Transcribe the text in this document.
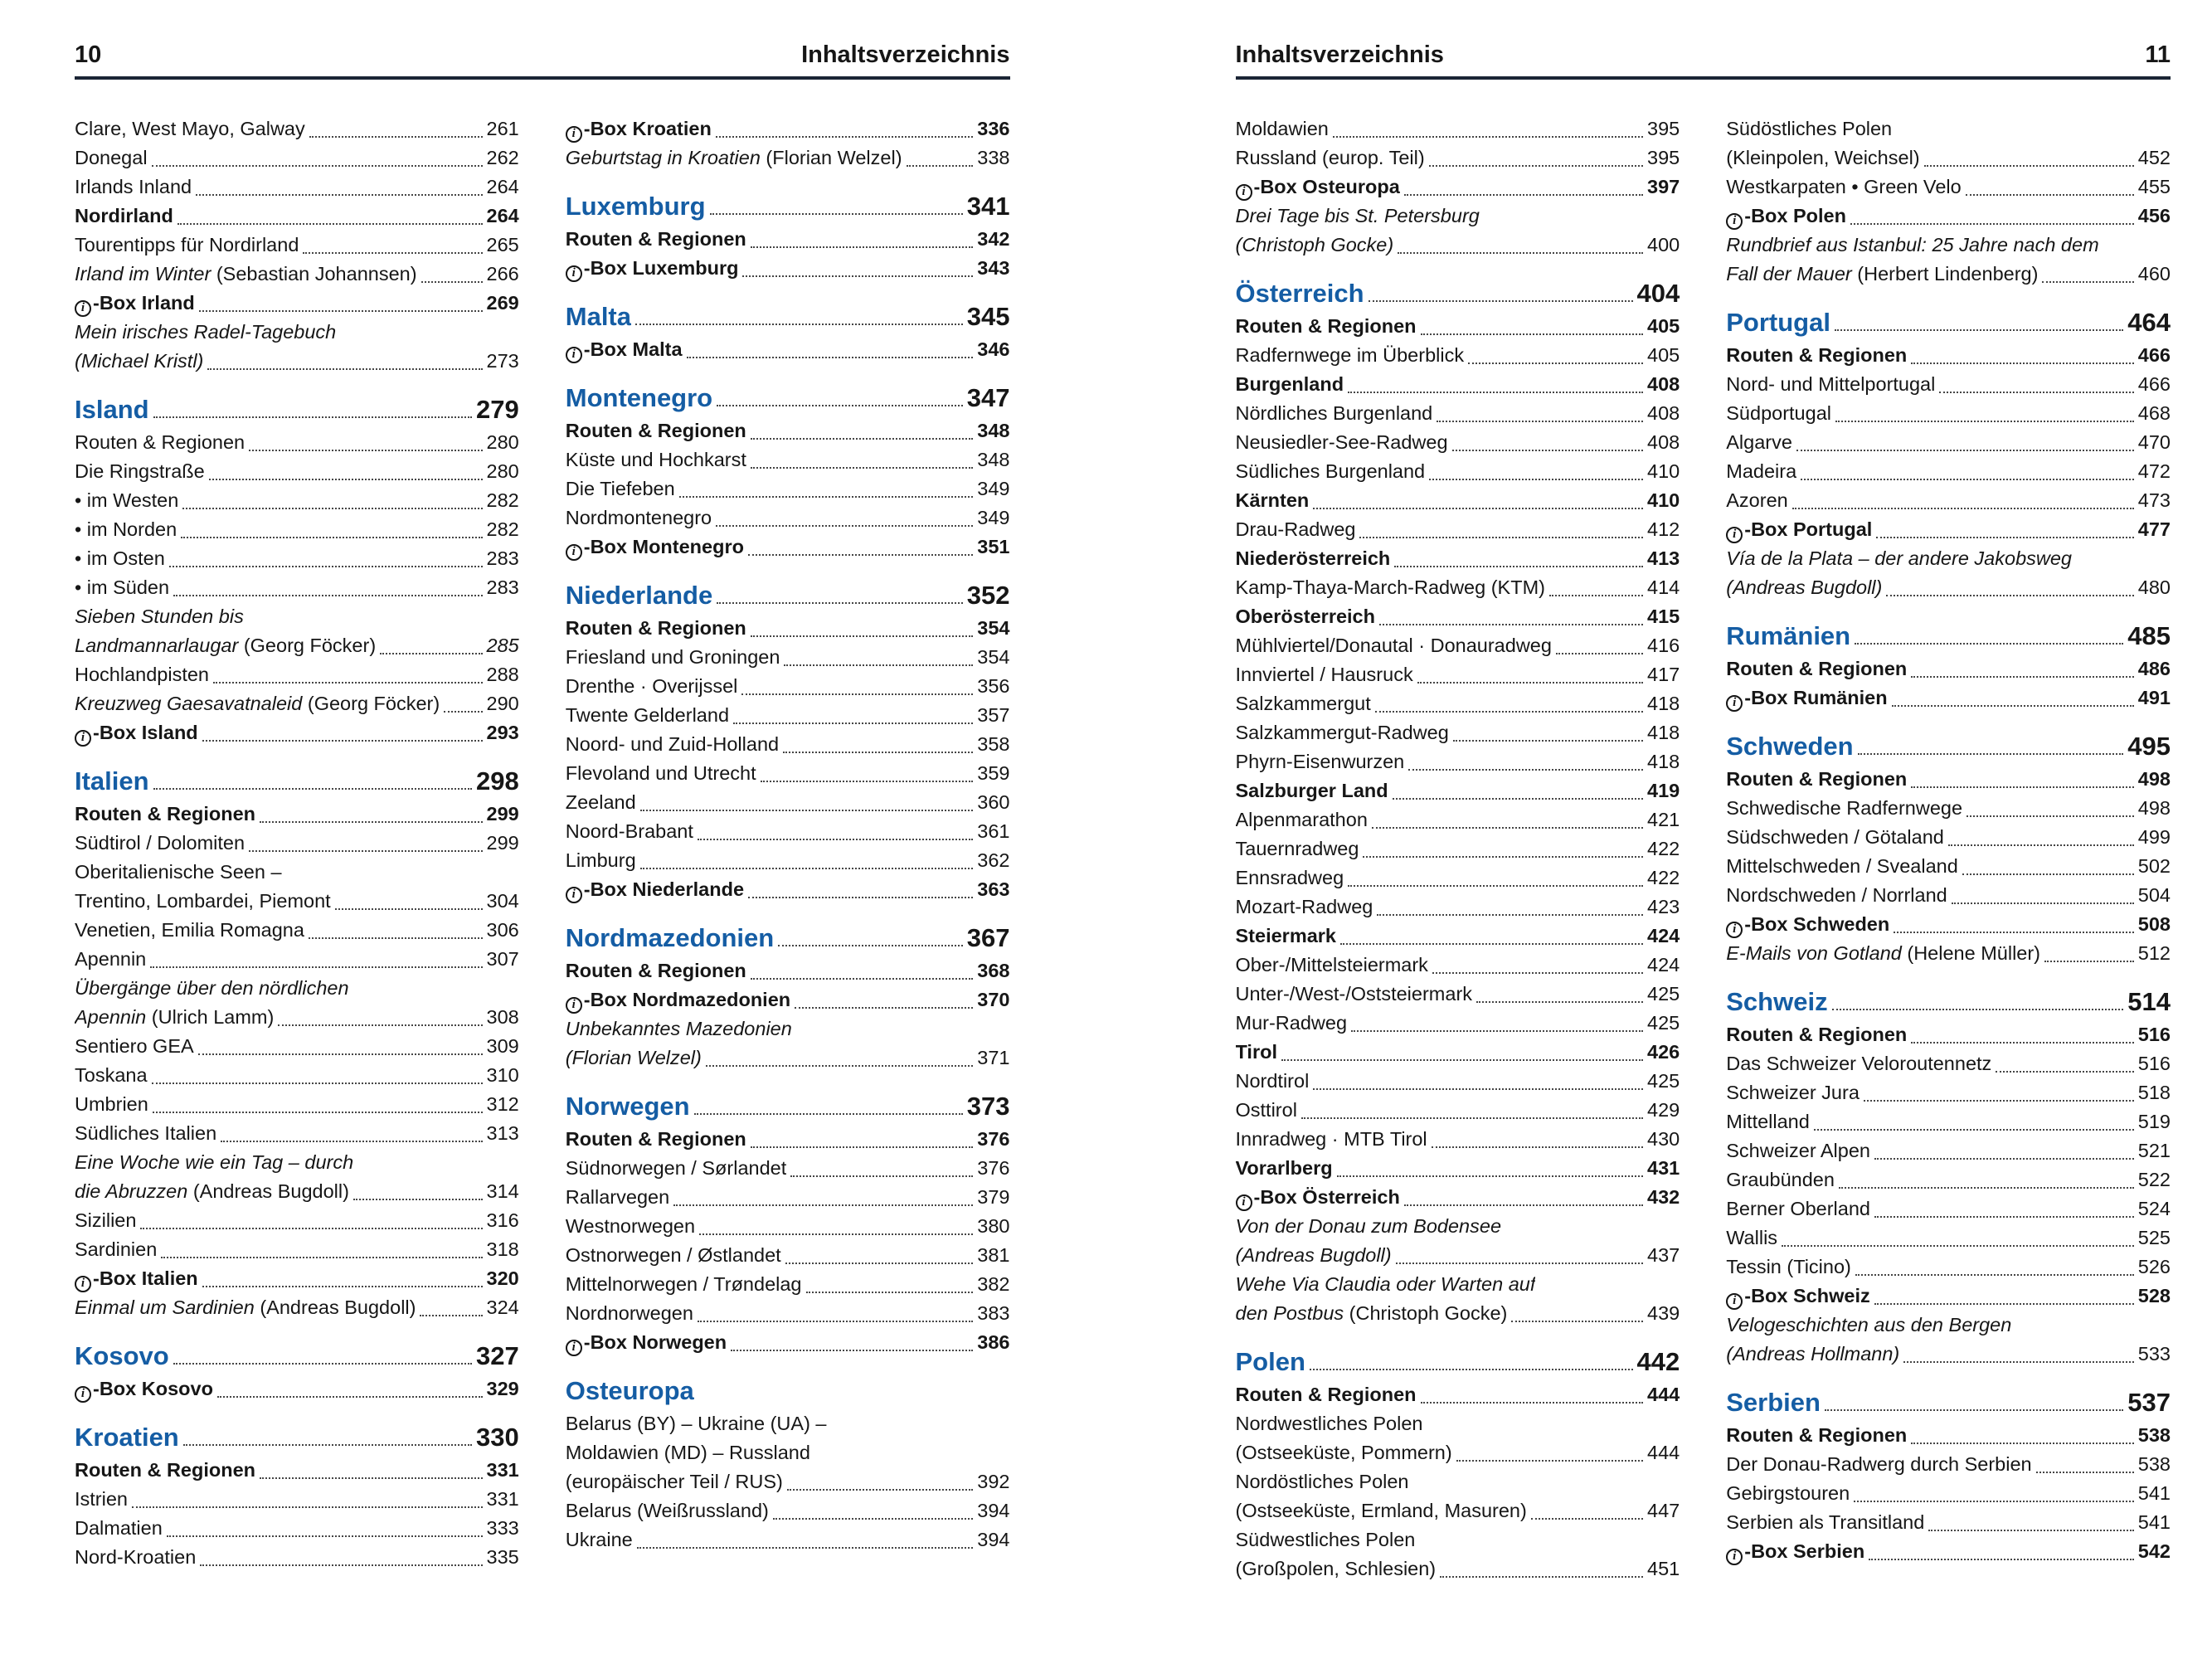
10	Inhaltsverzeichnis
Clare, West Mayo, Galway	261
Donegal	262
Irlands Inland	264
Nordirland	264
Tourentipps für Nordirland	265
Irland im Winter (Sebastian Johannsen)	266
i -Box Irland	269
Mein irisches Radel-Tagebuch
(Michael Kristl)	273
Island	279
Routen & Regionen	280
Die Ringstraße	280
• im Westen	282
• im Norden	282
• im Osten	283
• im Süden	283
Sieben Stunden bis
Landmannarlaugar (Georg Föcker)	285
Hochlandpisten	288
Kreuzweg Gaesavatnaleid (Georg Föcker) 290
i -Box Island	293
Italien	298
Routen & Regionen	299
Südtirol / Dolomiten	299
Oberitalienische Seen –
Trentino, Lombardei, Piemont	304
Venetien, Emilia Romagna	306
Apennin	307
Übergänge über den nördlichen
Apennin (Ulrich Lamm)	308
Sentiero GEA	309
Toskana	310
Umbrien	312
Südliches Italien	313
Eine Woche wie ein Tag – durch
die Abruzzen (Andreas Bugdoll)	314
Sizilien	316
Sardinien	318
i -Box Italien	320
Einmal um Sardinien (Andreas Bugdoll)	324
Kosovo	327
i -Box Kosovo	329
Kroatien	330
Routen & Regionen	331
Istrien	331
Dalmatien	333
Nord-Kroatien	335
i -Box Kroatien	336
Geburtstag in Kroatien (Florian Welzel)	338
Luxemburg	341
Routen & Regionen	342
i -Box Luxemburg	343
Malta	345
i -Box Malta	346
Montenegro	347
Routen & Regionen	348
Küste und Hochkarst	348
Die Tiefeben	349
Nordmontenegro	349
i -Box Montenegro	351
Niederlande	352
Routen & Regionen	354
Friesland und Groningen	354
Drenthe · Overijssel	356
Twente Gelderland	357
Noord- und Zuid-Holland	358
Flevoland und Utrecht	359
Zeeland	360
Noord-Brabant	361
Limburg	362
i -Box Niederlande	363
Nordmazedonien	367
Routen & Regionen	368
i -Box Nordmazedonien	370
Unbekanntes Mazedonien
(Florian Welzel)	371
Norwegen	373
Routen & Regionen	376
Südnorwegen / Sørlandet	376
Rallarvegen	379
Westnorwegen	380
Ostnorwegen / Østlandet	381
Mittelnorwegen / Trøndelag	382
Nordnorwegen	383
i -Box Norwegen	386
Osteuropa
Belarus (BY) – Ukraine (UA) –
Moldawien (MD) – Russland
(europäischer Teil / RUS)	392
Belarus (Weißrussland)	394
Ukraine	394
Inhaltsverzeichnis	11
Moldawien	395
Russland (europ. Teil)	395
i -Box Osteuropa	397
Drei Tage bis St. Petersburg
(Christoph Gocke)	400
Österreich	404
Routen & Regionen	405
Radfernwege im Überblick	405
Burgenland	408
Nördliches Burgenland	408
Neusiedler-See-Radweg	408
Südliches Burgenland	410
Kärnten	410
Drau-Radweg	412
Niederösterreich	413
Kamp-Thaya-March-Radweg (KTM)	414
Oberösterreich	415
Mühlviertel/Donautal · Donauradweg	416
Innviertel / Hausruck	417
Salzkammergut	418
Salzkammergut-Radweg	418
Phyrn-Eisenwurzen	418
Salzburger Land	419
Alpenmarathon	421
Tauernradweg	422
Ennsradweg	422
Mozart-Radweg	423
Steiermark	424
Ober-/Mittelsteiermark	424
Unter-/West-/Oststeiermark	425
Mur-Radweg	425
Tirol	426
Nordtirol	425
Osttirol	429
Innradweg · MTB Tirol	430
Vorarlberg	431
i -Box Österreich	432
Von der Donau zum Bodensee
(Andreas Bugdoll)	437
Wehe Via Claudia oder Warten auf
den Postbus (Christoph Gocke)	439
Polen	442
Routen & Regionen	444
Nordwestliches Polen
(Ostseeküste, Pommern)	444
Nordöstliches Polen
(Ostseeküste, Ermland, Masuren)	447
Südwestliches Polen
(Großpolen, Schlesien)	451
Südöstliches Polen
(Kleinpolen, Weichsel)	452
Westkarpaten • Green Velo	455
i -Box Polen	456
Rundbrief aus Istanbul: 25 Jahre nach dem
Fall der Mauer (Herbert Lindenberg)	460
Portugal	464
Routen & Regionen	466
Nord- und Mittelportugal	466
Südportugal	468
Algarve	470
Madeira	472
Azoren	473
i -Box Portugal	477
Vía de la Plata – der andere Jakobsweg
(Andreas Bugdoll)	480
Rumänien	485
Routen & Regionen	486
i -Box Rumänien	491
Schweden	495
Routen & Regionen	498
Schwedische Radfernwege	498
Südschweden / Götaland	499
Mittelschweden / Svealand	502
Nordschweden / Norrland	504
i -Box Schweden	508
E-Mails von Gotland (Helene Müller)	512
Schweiz	514
Routen & Regionen	516
Das Schweizer Veloroutennetz	516
Schweizer Jura	518
Mittelland	519
Schweizer Alpen	521
Graubünden	522
Berner Oberland	524
Wallis	525
Tessin (Ticino)	526
i -Box Schweiz	528
Velogeschichten aus den Bergen
(Andreas Hollmann)	533
Serbien	537
Routen & Regionen	538
Der Donau-Radwerg durch Serbien	538
Gebirgstouren	541
Serbien als Transitland	541
i -Box Serbien	542
